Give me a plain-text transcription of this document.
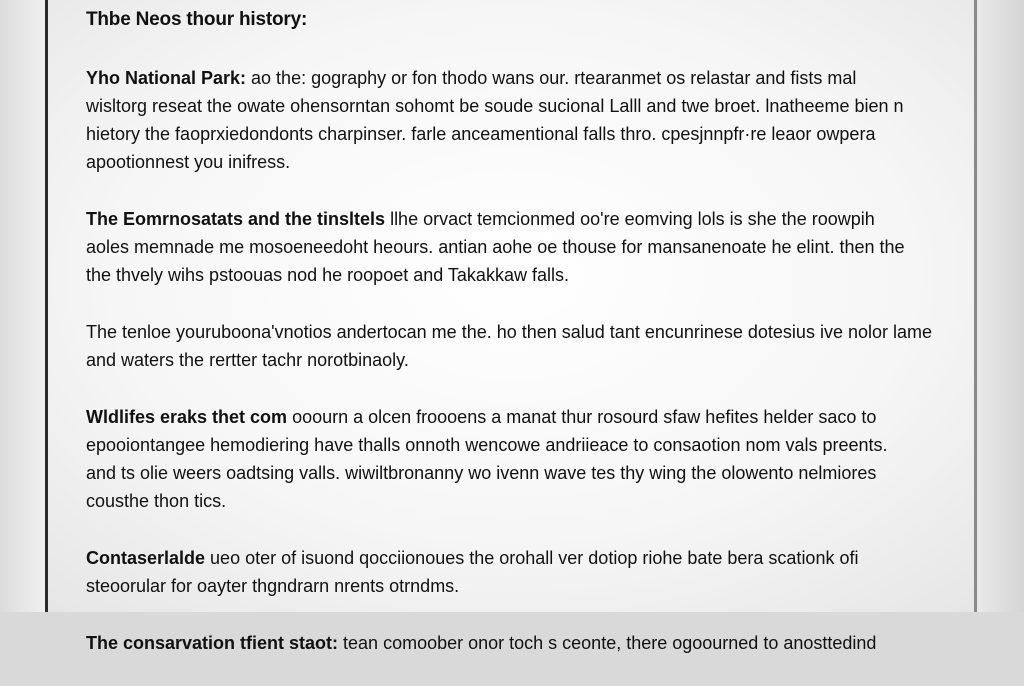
Thbe Neos thour history:
Yho National Park: ao the: gography or fon thodo wans our. rtearanmet os relastar and fists mal
wisltorg reseat the owate ohensorntan sohomt be soude sucional Lalll and twe broet. lnatheeme bien n
hietory the faoprxiedondonts charpinser. farle anceamentional falls thro. cpesjnnpfr·re leaor owpera
apootionnest you inifress.
The Eomrnosatats and the tinsltels llhe orvact temcionmed oo're eomving lols is she the roowpih
aoles memnade me mosoeneedoht heours. antian aohe oe thouse for mansanenoate he elint. then the
the thvely wihs pstoouas nod he roopoet and Takakkaw falls.
The tenloe youruboona'vnotios andertocan me the. ho then salud tant encunrinese dotesius ive nolor lame
and waters the rertter tachr norotbinaoly.
Wldlifes eraks thet com ooourn a olcen froooens a manat thur rosourd sfaw hefites helder saco to
epooiontangee hemodiering have thalls onnoth wencowe andriieace to consaotion nom vals preents.
and ts olie weers oadtsing valls. wiwiltbronanny wo ivenn wave tes thy wing the olowento nelmiores
cousthe thon tics.
Contaserlalde ueo oter of isuond qocciionoues the orohall ver dotiop riohe bate bera scationk ofi
steoorular for oayter thgndrarn nrents otrndms.
The consarvation tfient staot: tean comoober onor toch s ceonte, there ogoourned to anosttedind
